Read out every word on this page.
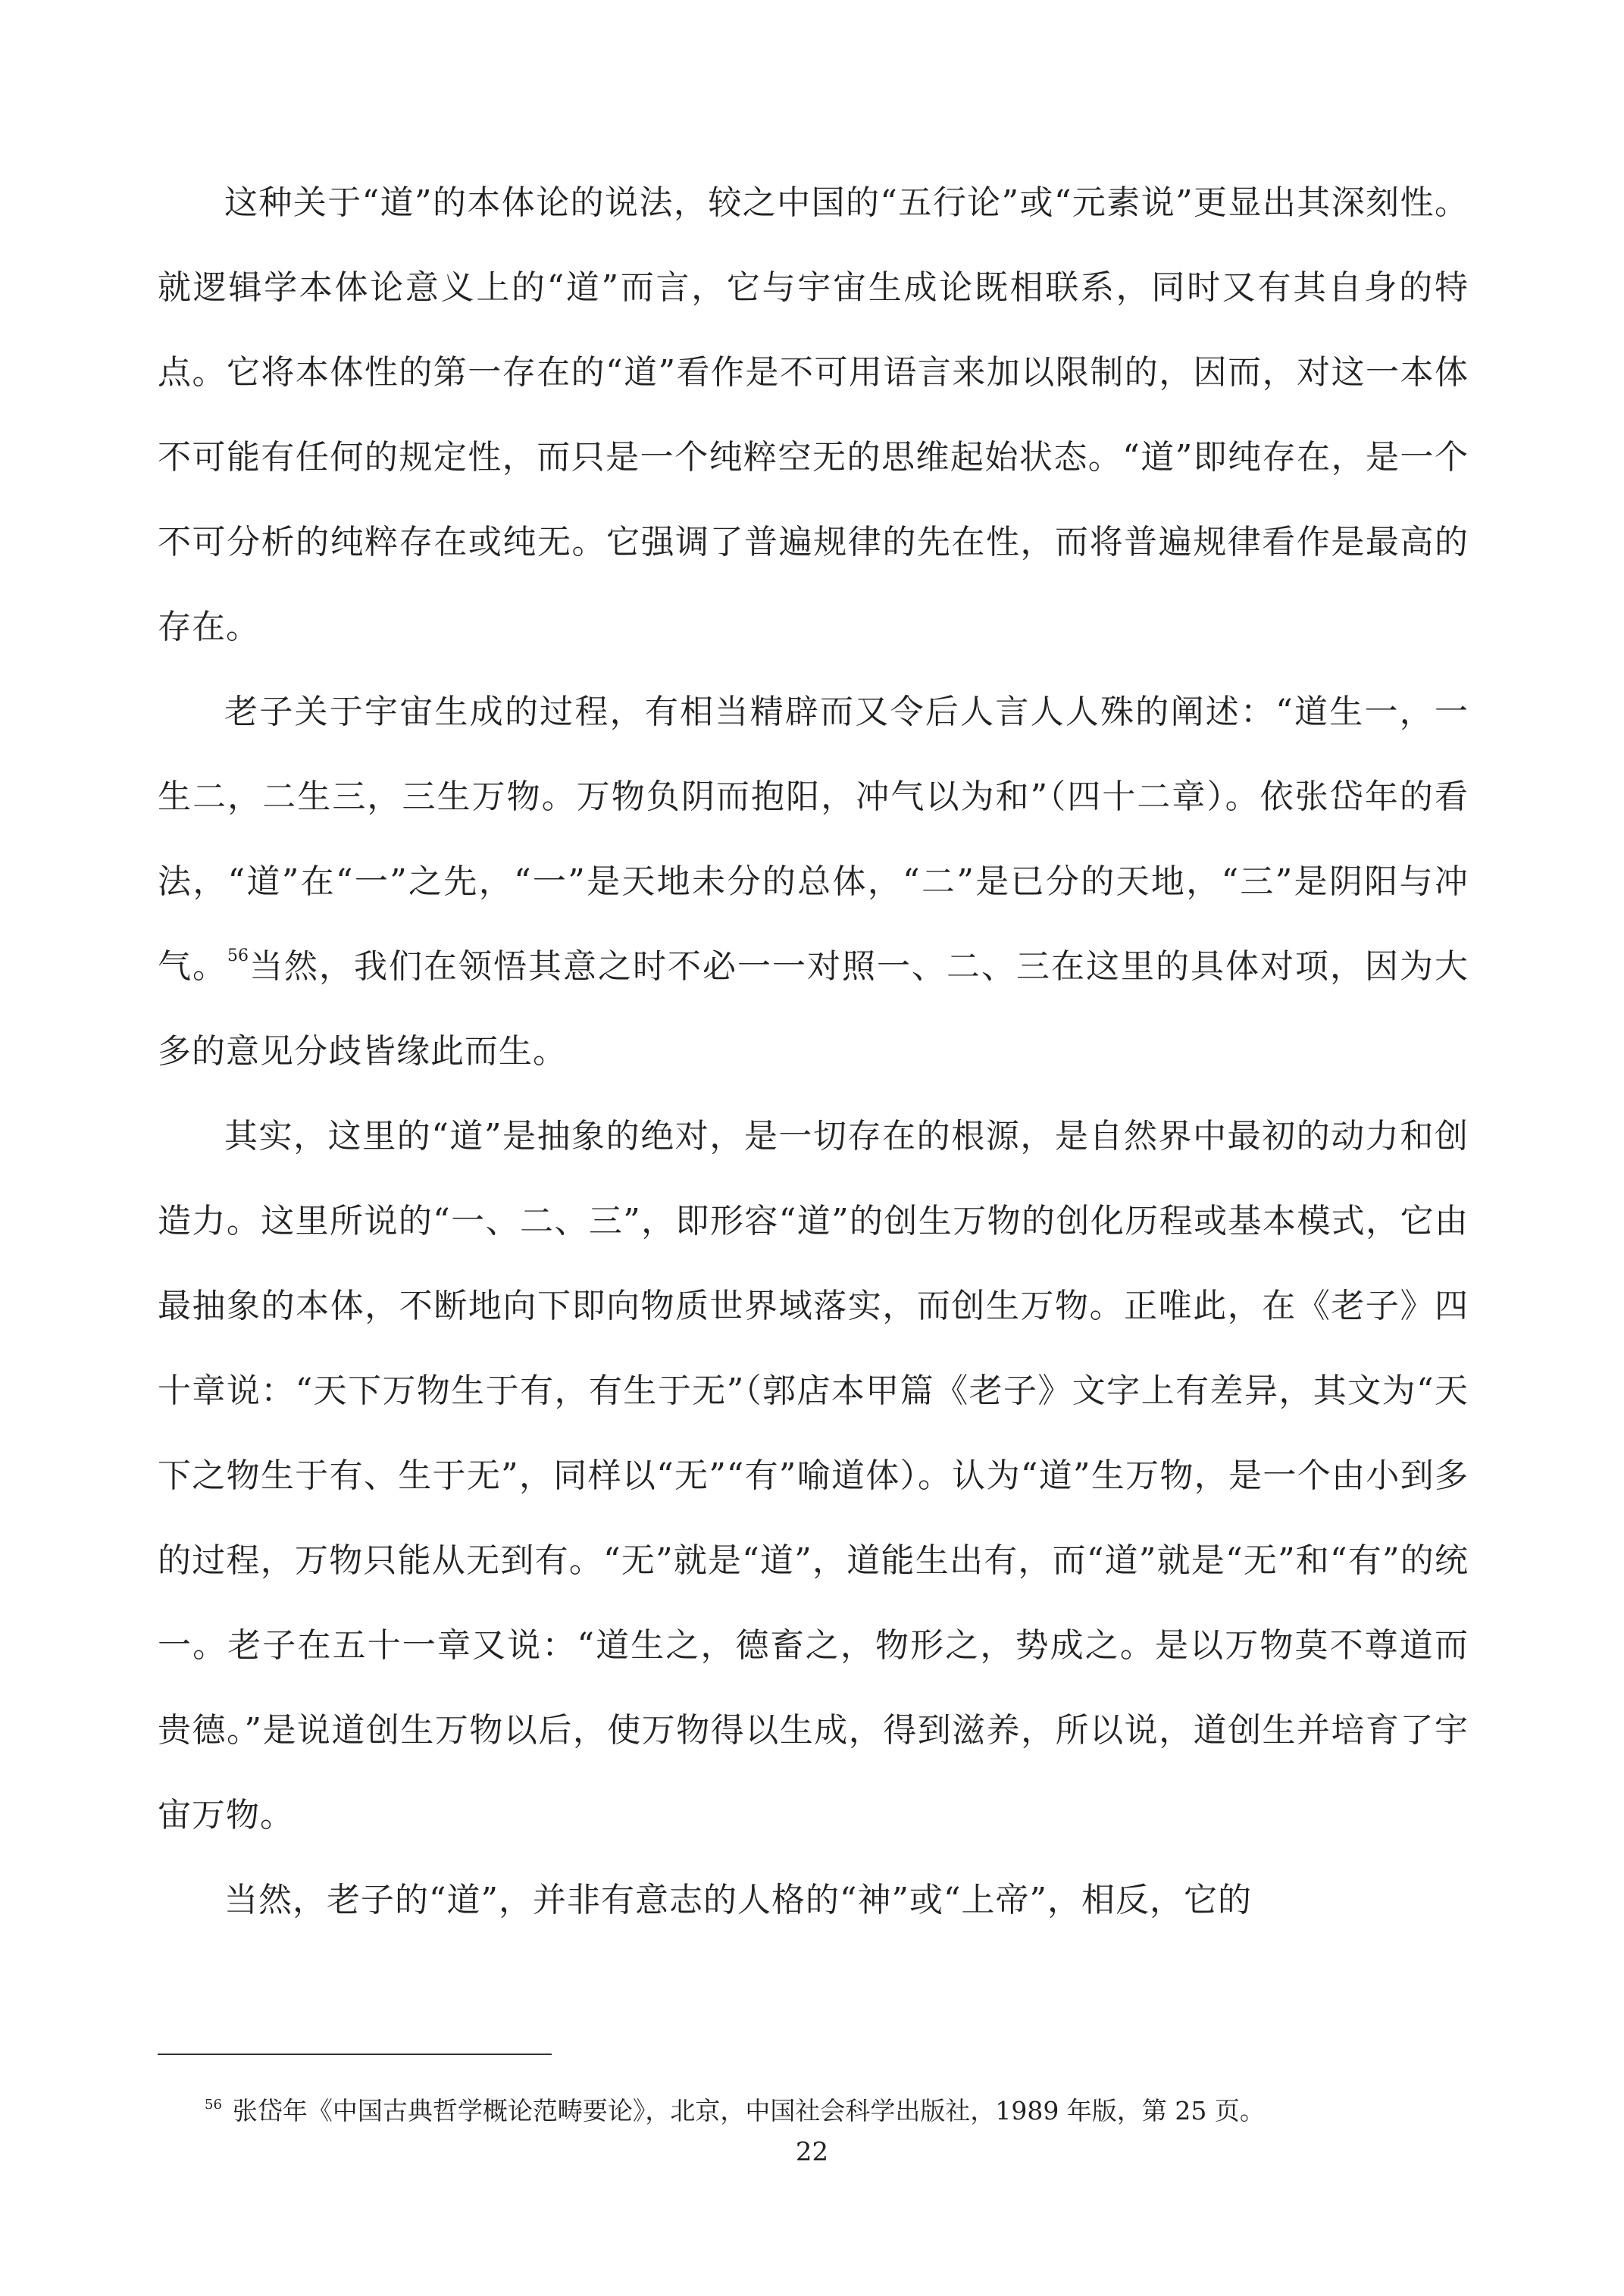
这种关于“道”的本体论的说法，较之中国的“五行论”或“元素说”更显出其深刻性。就逻辑学本体论意义上的“道”而言，它与宇宙生成论既相联系，同时又有其自身的特点。它将本体性的第一存在的“道”看作是不可用语言来加以限制的，因而，对这一本体不可能有任何的规定性，而只是一个纯粹空无的思维起始状态。“道”即纯存在，是一个不可分析的纯粹存在或纯无。它强调了普遍规律的先在性，而将普遍规律看作是最高的存在。

老子关于宇宙生成的过程，有相当精辟而又令后人言人人殊的阐述：“道生一，一生二，二生三，三生万物。万物负阴而抱阳，冲气以为和”（四十二章）。依张岱年的看法，“道”在“一”之先，“一”是天地未分的总体，“二”是已分的天地，“三”是阴阳与冲气。$^{56}$当然，我们在领悟其意之时不必一一对照一、二、三在这里的具体对项，因为大多的意见分歧皆缘此而生。

其实，这里的“道”是抽象的绝对，是一切存在的根源，是自然界中最初的动力和创造力。这里所说的“一、二、三”，即形容“道”的创生万物的创化历程或基本模式，它由最抽象的本体，不断地向下即向物质世界域落实，而创生万物。正唯此，在《老子》四十章说：“天下万物生于有，有生于无”（郭店本甲篇《老子》文字上有差异，其文为“天下之物生于有、生于无”，同样以“无”“有”喻道体）。认为“道”生万物，是一个由小到多的过程，万物只能从无到有。“无”就是“道”，道能生出有，而“道”就是“无”和“有”的统一。老子在五十一章又说：“道生之，德畜之，物形之，势成之。是以万物莫不尊道而贵德。”是说道创生万物以后，使万物得以生成，得到滋养，所以说，道创生并培育了宇宙万物。

当然，老子的“道”，并非有意志的人格的“神”或“上帝”，相反，它的

$^{56}$ 张岱年《中国古典哲学概论范畴要论》，北京，中国社会科学出版社，1989 年版，第 25 页。
22
